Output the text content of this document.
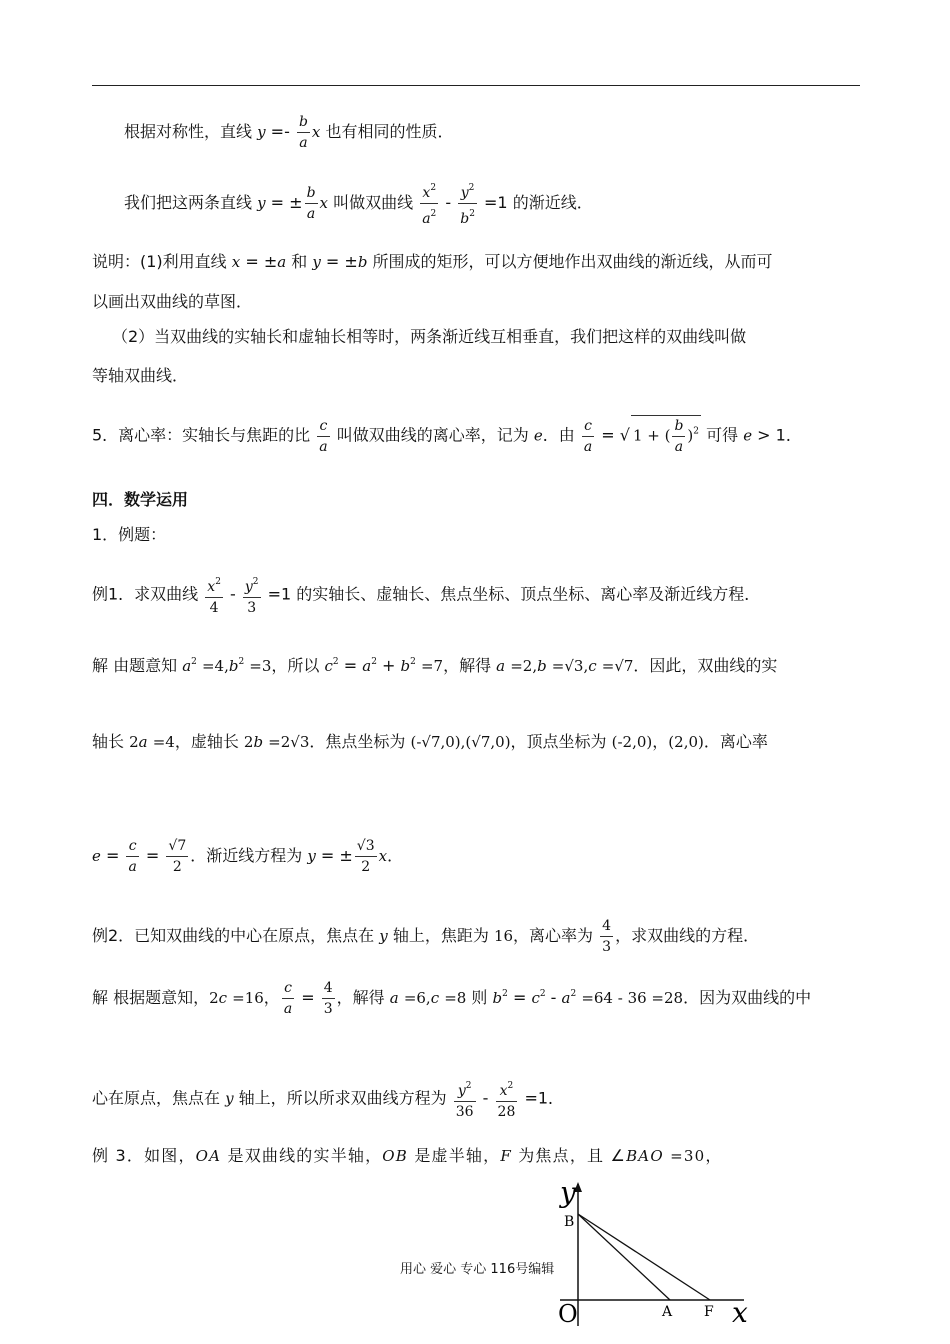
根据对称性，直线 $y =- \frac{b}{a}$ x 也有相同的性质．
我们把这两条直线 y = ± $\frac{b}{a}$ x 叫做双曲线 $\frac{x^2}{a^2} - \frac{y^2}{b^2} =1$ 的渐近线．
说明：(1)利用直线 x = ±a 和 y = ±b 所围成的矩形，可以方便地作出双曲线的渐近线，从而可
以画出双曲线的草图．
（2）当双曲线的实轴长和虚轴长相等时，两条渐近线互相垂直，我们把这样的双曲线叫做
等轴双曲线．
5．离心率：实轴长与焦距的比 $\frac{c}{a}$ 叫做双曲线的离心率，记为 e．由 $\frac{c}{a}$ = √ 1 + ( $\frac{b}{a} )^2$ 可得 e > 1．
四．数学运用
1．例题：
例1．求双曲线 $\frac{x^2}{4} - \frac{y^2}{3} =1$ 的实轴长、虚轴长、焦点坐标、顶点坐标、离心率及渐近线方程．
解 由题意知 $a^2 =4,b^2 =3$，所以 $c^2 = a^2 + b^2 =7$，解得 a =2,b =√3,c =√7．因此，双曲线的实
轴长 2a =4，虚轴长 2b =2√3．焦点坐标为 (-√7,0),(√7,0)，顶点坐标为 (-2,0)，(2,0)．离心率
$e = \frac{c}{a} = \frac{√7}{2}$ ．渐近线方程为 y = ± $\frac{√3}{2}$ x．
例2．已知双曲线的中心在原点，焦点在 y 轴上，焦距为 16，离心率为 $\frac{4}{3}$ ，求双曲线的方程．
解 根据题意知，2c =16， $\frac{c}{a} = \frac{4}{3}$ ，解得 a =6,c =8 则 $b^2 = c^2 - a^2 =64 - 36 =28$．因为双曲线的中
心在原点，焦点在 y 轴上，所以所求双曲线方程为 $\frac{y^2}{36} - \frac{x^2}{28} =1$．
例 3．如图，OA 是双曲线的实半轴，OB 是虚半轴，F 为焦点，且 ∠BAO =30，
y
B
O	A F x
用心 爱心 专心 116号编辑
